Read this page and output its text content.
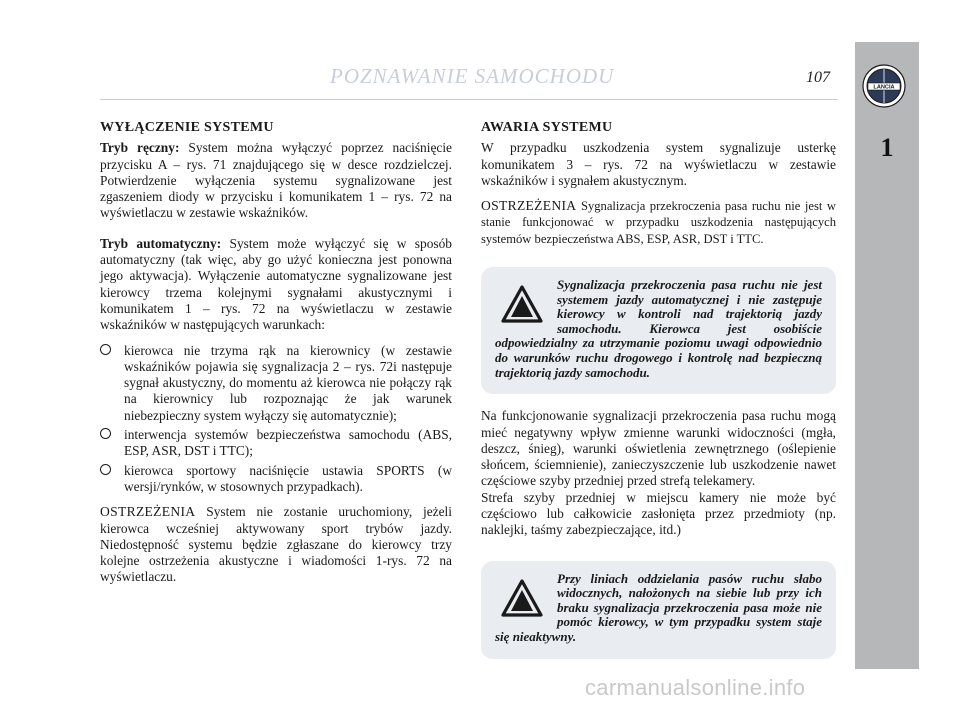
POZNAWANIE SAMOCHODU	107
LANCIA
1
WYŁĄCZENIE SYSTEMU

Tryb ręczny: System można wyłączyć poprzez naciśnięcie przycisku A – rys. 71 znajdującego się w desce rozdzielczej. Potwierdzenie wyłączenia systemu sygnalizowane jest zgaszeniem diody w przycisku i komunikatem 1 – rys. 72 na wyświetlaczu w zestawie wskaźników.

Tryb automatyczny: System może wyłączyć się w sposób automatyczny (tak więc, aby go użyć konieczna jest ponowna jego aktywacja). Wyłączenie automatyczne sygnalizowane jest kierowcy trzema kolejnymi sygnałami akustycznymi i komunikatem 1 – rys. 72 na wyświetlaczu w zestawie wskaźników w następujących warunkach:

kierowca nie trzyma rąk na kierownicy (w zestawie wskaźników pojawia się sygnalizacja 2 – rys. 72i następuje sygnał akustyczny, do momentu aż kierowca nie połączy rąk na kierownicy lub rozpoznając że jak warunek niebezpieczny system wyłączy się automatycznie);
interwencja systemów bezpieczeństwa samochodu (ABS, ESP, ASR, DST i TTC);
kierowca sportowy naciśnięcie ustawia SPORTS (w wersji/rynków, w stosownych przypadkach).

OSTRZEŻENIA System nie zostanie uruchomiony, jeżeli kierowca wcześniej aktywowany sport trybów jazdy. Niedostępność systemu będzie zgłaszane do kierowcy trzy kolejne ostrzeżenia akustyczne i wiadomości 1-rys. 72 na wyświetlaczu.

AWARIA SYSTEMU

W przypadku uszkodzenia system sygnalizuje usterkę komunikatem 3 – rys. 72 na wyświetlaczu w zestawie wskaźników i sygnałem akustycznym.

OSTRZEŻENIA Sygnalizacja przekroczenia pasa ruchu nie jest w stanie funkcjonować w przypadku uszkodzenia następujących systemów bezpieczeństwa ABS, ESP, ASR, DST i TTC.

Sygnalizacja przekroczenia pasa ruchu nie jest systemem jazdy automatycznej i nie zastępuje kierowcy w kontroli nad trajektorią jazdy samochodu. Kierowca jest osobiście odpowiedzialny za utrzymanie poziomu uwagi odpowiednio do warunków ruchu drogowego i kontrolę nad bezpieczną trajektorią jazdy samochodu.

Na funkcjonowanie sygnalizacji przekroczenia pasa ruchu mogą mieć negatywny wpływ zmienne warunki widoczności (mgła, deszcz, śnieg), warunki oświetlenia zewnętrznego (oślepienie słońcem, ściemnienie), zanieczyszczenie lub uszkodzenie nawet częściowe szyby przedniej przed strefą telekamery.

Strefa szyby przedniej w miejscu kamery nie może być częściowo lub całkowicie zasłonięta przez przedmioty (np. naklejki, taśmy zabezpieczające, itd.)

Przy liniach oddzielania pasów ruchu słabo widocznych, nałożonych na siebie lub przy ich braku sygnalizacja przekroczenia pasa może nie pomóc kierowcy, w tym przypadku system staje się nieaktywny.
carmanualsonline.info
